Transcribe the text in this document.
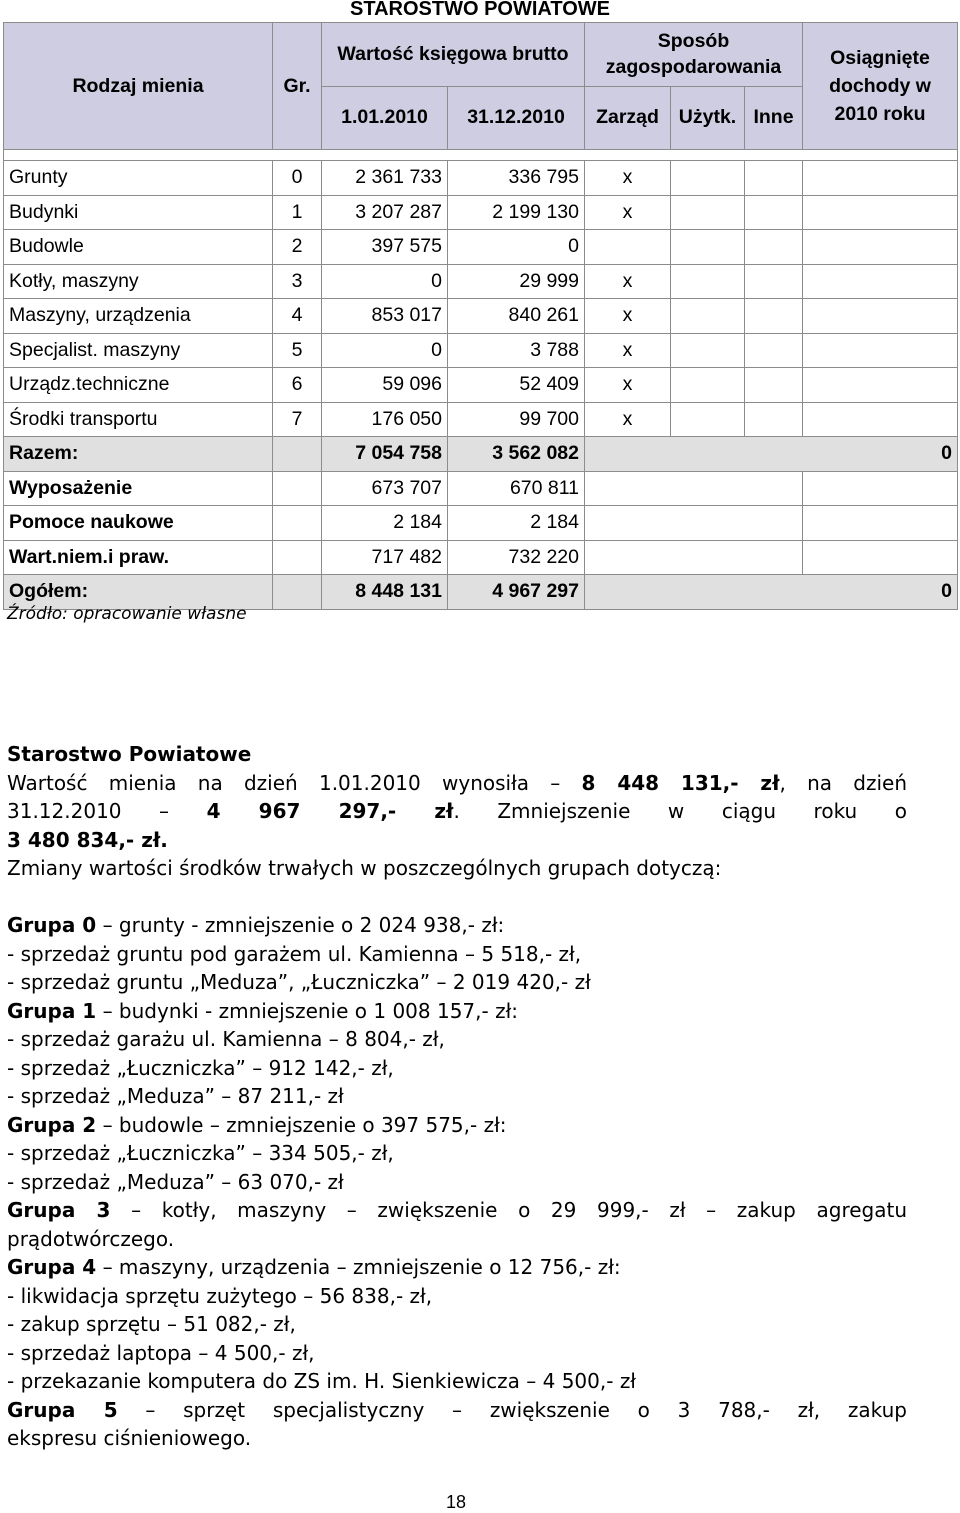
STAROSTWO POWIATOWE
Rodzaj mienia	Gr.	Wartość księgowa brutto		Sposób zagospodarowania			Osiągnięte dochody w 2010 roku
		1.01.2010	31.12.2010	Zarząd	Użytk.	Inne	

Grunty	0	2 361 733	336 795	x			
Budynki	1	3 207 287	2 199 130	x			
Budowle	2	397 575	0				
Kotły, maszyny	3	0	29 999	x			
Maszyny, urządzenia	4	853 017	840 261	x			
Specjalist. maszyny	5	0	3 788	x			
Urządz.techniczne	6	59 096	52 409	x			
Środki transportu	7	176 050	99 700	x			
Razem:		7 054 758	3 562 082	0			
Wyposażenie		673 707	670 811				
Pomoce naukowe		2 184	2 184				
Wart.niem.i praw.		717 482	732 220				
Ogółem:		8 448 131	4 967 297	0			
Źródło: opracowanie własne

Starostwo Powiatowe

Wartość mienia na dzień 1.01.2010 wynosiła – 8 448 131,- zł, na dzień

31.12.2010 – 4 967 297,- zł. Zmniejszenie w ciągu roku o

3 480 834,- zł.

Zmiany wartości środków trwałych w poszczególnych grupach dotyczą:

Grupa 0 – grunty - zmniejszenie o 2 024 938,- zł:

- sprzedaż gruntu pod garażem ul. Kamienna – 5 518,- zł,

- sprzedaż gruntu „Meduza”, „Łuczniczka” – 2 019 420,- zł

Grupa 1 – budynki - zmniejszenie o 1 008 157,- zł:

- sprzedaż garażu ul. Kamienna – 8 804,- zł,

- sprzedaż „Łuczniczka” – 912 142,- zł,

- sprzedaż „Meduza” – 87 211,- zł

Grupa 2 – budowle – zmniejszenie o 397 575,- zł:

- sprzedaż „Łuczniczka” – 334 505,- zł,

- sprzedaż „Meduza” – 63 070,- zł

Grupa 3 – kotły, maszyny – zwiększenie o 29 999,- zł – zakup agregatu

prądotwórczego.

Grupa 4 – maszyny, urządzenia – zmniejszenie o 12 756,- zł:

- likwidacja sprzętu zużytego – 56 838,- zł,

- zakup sprzętu – 51 082,- zł,

- sprzedaż laptopa – 4 500,- zł,

- przekazanie komputera do ZS im. H. Sienkiewicza – 4 500,- zł

Grupa 5 – sprzęt specjalistyczny – zwiększenie o 3 788,- zł, zakup

ekspresu ciśnieniowego.

18
